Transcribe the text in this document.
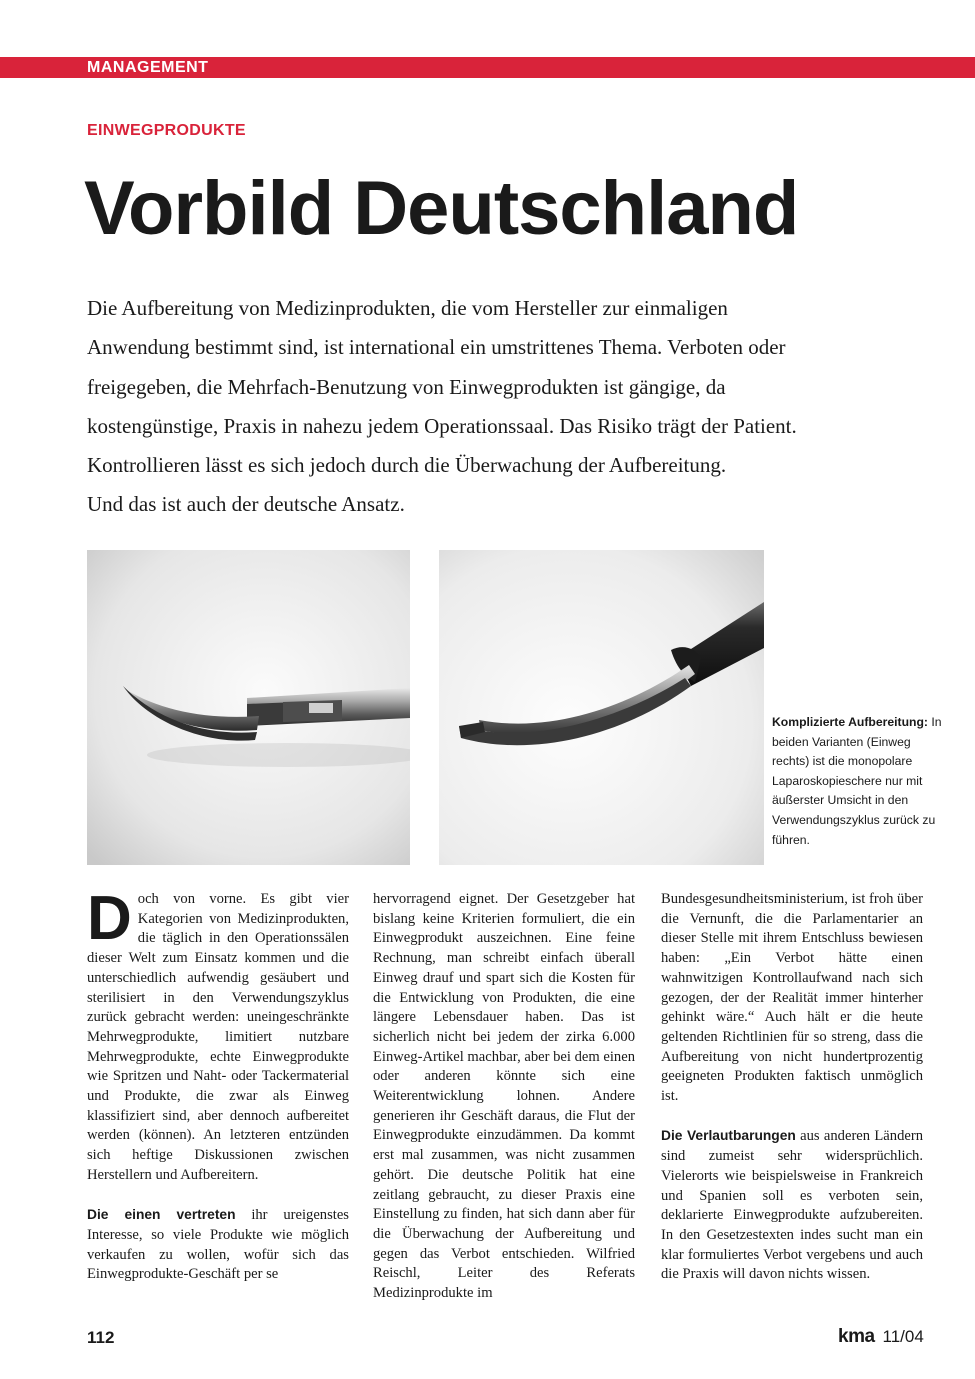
MANAGEMENT
EINWEGPRODUKTE
Vorbild Deutschland
Die Aufbereitung von Medizinprodukten, die vom Hersteller zur einmaligen
Anwendung bestimmt sind, ist international ein umstrittenes Thema. Verboten oder
freigegeben, die Mehrfach-Benutzung von Einwegprodukten ist gängige, da
kostengünstige, Praxis in nahezu jedem Operationssaal. Das Risiko trägt der Patient.
Kontrollieren lässt es sich jedoch durch die Überwachung der Aufbereitung.
Und das ist auch der deutsche Ansatz.
Komplizierte Aufbereitung: In beiden Varianten (Einweg rechts) ist die monopolare Laparoskopieschere nur mit äußerster Umsicht in den Verwendungszyklus zurück zu führen.

Doch von vorne. Es gibt vier Kategorien von Medizinprodukten, die täglich in den Operationssälen dieser Welt zum Einsatz kommen und die unterschiedlich aufwendig gesäubert und sterilisiert in den Verwendungszyklus zurück gebracht werden: uneingeschränkte Mehrwegprodukte, limitiert nutzbare Mehrwegprodukte, echte Einwegprodukte wie Spritzen und Naht- oder Tackermaterial und Produkte, die zwar als Einweg klassifiziert sind, aber dennoch aufbereitet werden (können). An letzteren entzünden sich heftige Diskussionen zwischen Herstellern und Aufbereitern.

Die einen vertreten ihr ureigenstes Interesse, so viele Produkte wie möglich verkaufen zu wollen, wofür sich das Einwegprodukte-Geschäft per se

hervorragend eignet. Der Gesetzgeber hat bislang keine Kriterien formuliert, die ein Einwegprodukt auszeichnen. Eine feine Rechnung, man schreibt einfach überall Einweg drauf und spart sich die Kosten für die Entwicklung von Produkten, die eine längere Lebensdauer haben. Das ist sicherlich nicht bei jedem der zirka 6.000 Einweg-Artikel machbar, aber bei dem einen oder anderen könnte sich eine Weiterentwicklung lohnen. Andere generieren ihr Geschäft daraus, die Flut der Einwegprodukte einzudämmen. Da kommt erst mal zusammen, was nicht zusammen gehört. Die deutsche Politik hat eine zeitlang gebraucht, zu dieser Praxis eine Einstellung zu finden, hat sich dann aber für die Überwachung der Aufbereitung und gegen das Verbot entschieden. Wilfried Reischl, Leiter des Referats Medizinprodukte im

Bundesgesundheitsministerium, ist froh über die Vernunft, die die Parlamentarier an dieser Stelle mit ihrem Entschluss bewiesen haben: „Ein Verbot hätte einen wahnwitzigen Kontrollaufwand nach sich gezogen, der der Realität immer hinterher gehinkt wäre.“ Auch hält er die heute geltenden Richtlinien für so streng, dass die Aufbereitung von nicht hundertprozentig geeigneten Produkten faktisch unmöglich ist.

Die Verlautbarungen aus anderen Ländern sind zumeist sehr widersprüchlich. Vielerorts wie beispielsweise in Frankreich und Spanien soll es verboten sein, deklarierte Einwegprodukte aufzubereiten. In den Gesetzestexten indes sucht man ein klar formuliertes Verbot vergebens und auch die Praxis will davon nichts wissen.

112	kma 11/04
